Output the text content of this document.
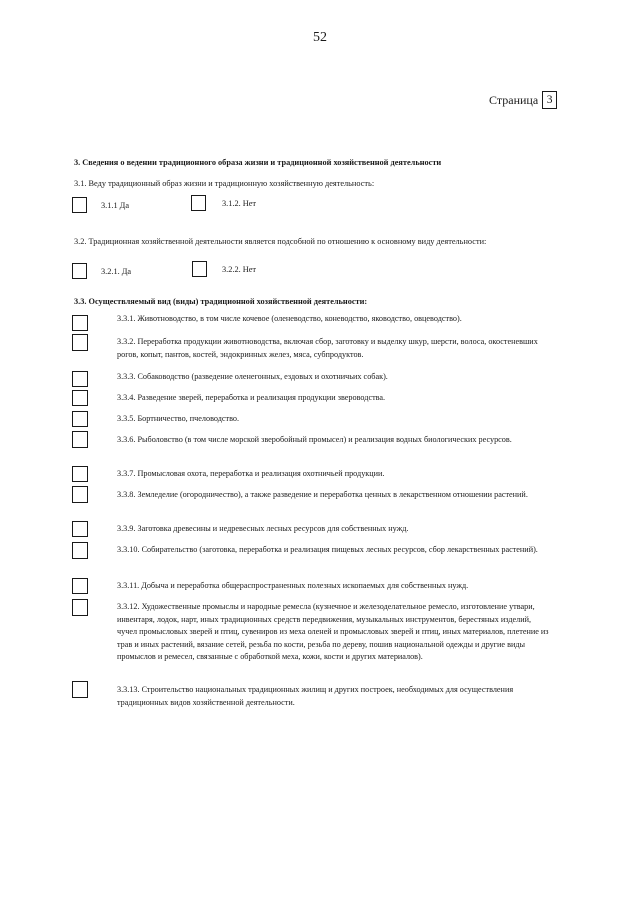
52
Страница 3
3. Сведения о ведении традиционного образа жизни и традиционной хозяйственной деятельности
3.1. Веду традиционный образ жизни и традиционную хозяйственную деятельность:
3.1.1 Да	3.1.2. Нет
3.2. Традиционная хозяйственной деятельности является подсобной по отношению к основному виду деятельности:
3.2.1. Да	3.2.2. Нет
3.3. Осуществляемый вид (виды) традиционной хозяйственной деятельности:
3.3.1. Животноводство, в том числе кочевое (оленеводство, коневодство, яководство, овцеводство).
3.3.2. Переработка продукции животноводства, включая сбор, заготовку и выделку шкур, шерсти, волоса, окостеневших рогов, копыт, пантов, костей, эндокринных желез, мяса, субпродуктов.
3.3.3. Собаководство (разведение оленегонных, ездовых и охотничьих собак).
3.3.4. Разведение зверей, переработка и реализация продукции звероводства.
3.3.5. Бортничество, пчеловодство.
3.3.6. Рыболовство (в том числе морской зверобойный промысел) и реализация водных биологических ресурсов.
3.3.7. Промысловая охота, переработка и реализация охотничьей продукции.
3.3.8. Земледелие (огородничество), а также разведение и переработка ценных в лекарственном отношении растений.
3.3.9. Заготовка древесины и недревесных лесных ресурсов для собственных нужд.
3.3.10. Собирательство (заготовка, переработка и реализация пищевых лесных ресурсов, сбор лекарственных растений).
3.3.11. Добыча и переработка общераспространенных полезных ископаемых для собственных нужд.
3.3.12. Художественные промыслы и народные ремесла (кузнечное и железоделательное ремесло, изготовление утвари, инвентаря, лодок, нарт, иных традиционных средств передвижения, музыкальных инструментов, берестяных изделий, чучел промысловых зверей и птиц, сувениров из меха оленей и промысловых зверей и птиц, иных материалов, плетение из трав и иных растений, вязание сетей, резьба по кости, резьба по дереву, пошив национальной одежды и другие виды промыслов и ремесел, связанные с обработкой меха, кожи, кости и других материалов).
3.3.13. Строительство национальных традиционных жилищ и других построек, необходимых для осуществления традиционных видов хозяйственной деятельности.
